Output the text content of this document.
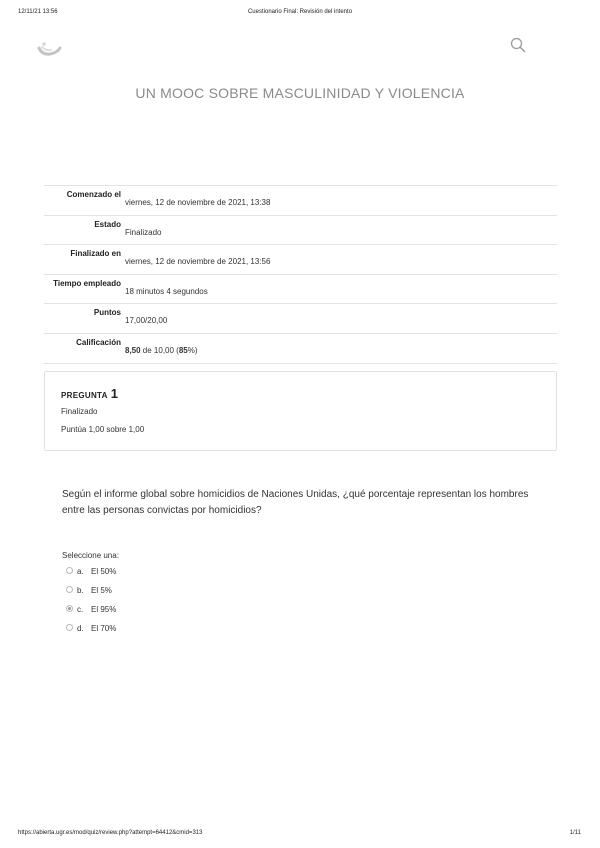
12/11/21 13:56	Cuestionario Final: Revisión del intento
UN MOOC SOBRE MASCULINIDAD Y VIOLENCIA
Comenzado el
viernes, 12 de noviembre de 2021, 13:38
Estado
Finalizado
Finalizado en
viernes, 12 de noviembre de 2021, 13:56
Tiempo empleado
18 minutos 4 segundos
Puntos
17,00/20,00
Calificación
8,50 de 10,00 (85%)
PREGUNTA 1
Finalizado
Puntúa 1,00 sobre 1,00
Según el informe global sobre homicidios de Naciones Unidas, ¿qué porcentaje representan los hombres entre las personas convictas por homicidios?
Seleccione una:
a. El 50%
b. El 5%
c. El 95%
d. El 70%
https://abierta.ugr.es/mod/quiz/review.php?attempt=64412&cmid=313	1/11
